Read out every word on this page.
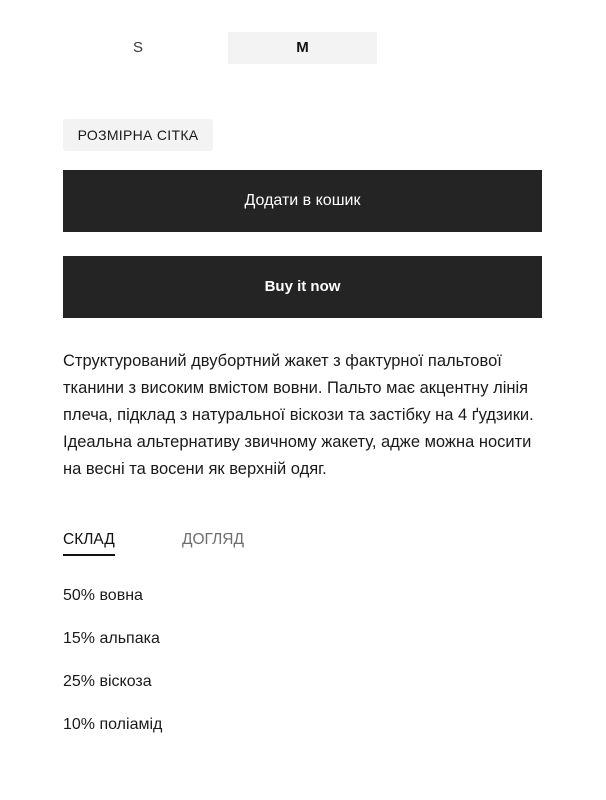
S	M
РОЗМІРНА СІТКА
Додати в кошик
Buy it now

Структурований двубортний жакет з фактурної пальтової тканини з високим вмістом вовни. Пальто має акцентну лінія плеча, підклад з натуральної віскози та застібку на 4 ґудзики. Ідеальна альтернативу звичному жакету, адже можна носити на весні та восени як верхній одяг.

СКЛАД	ДОГЛЯД
50% вовна
15% альпака
25% віскоза
10% поліамід
